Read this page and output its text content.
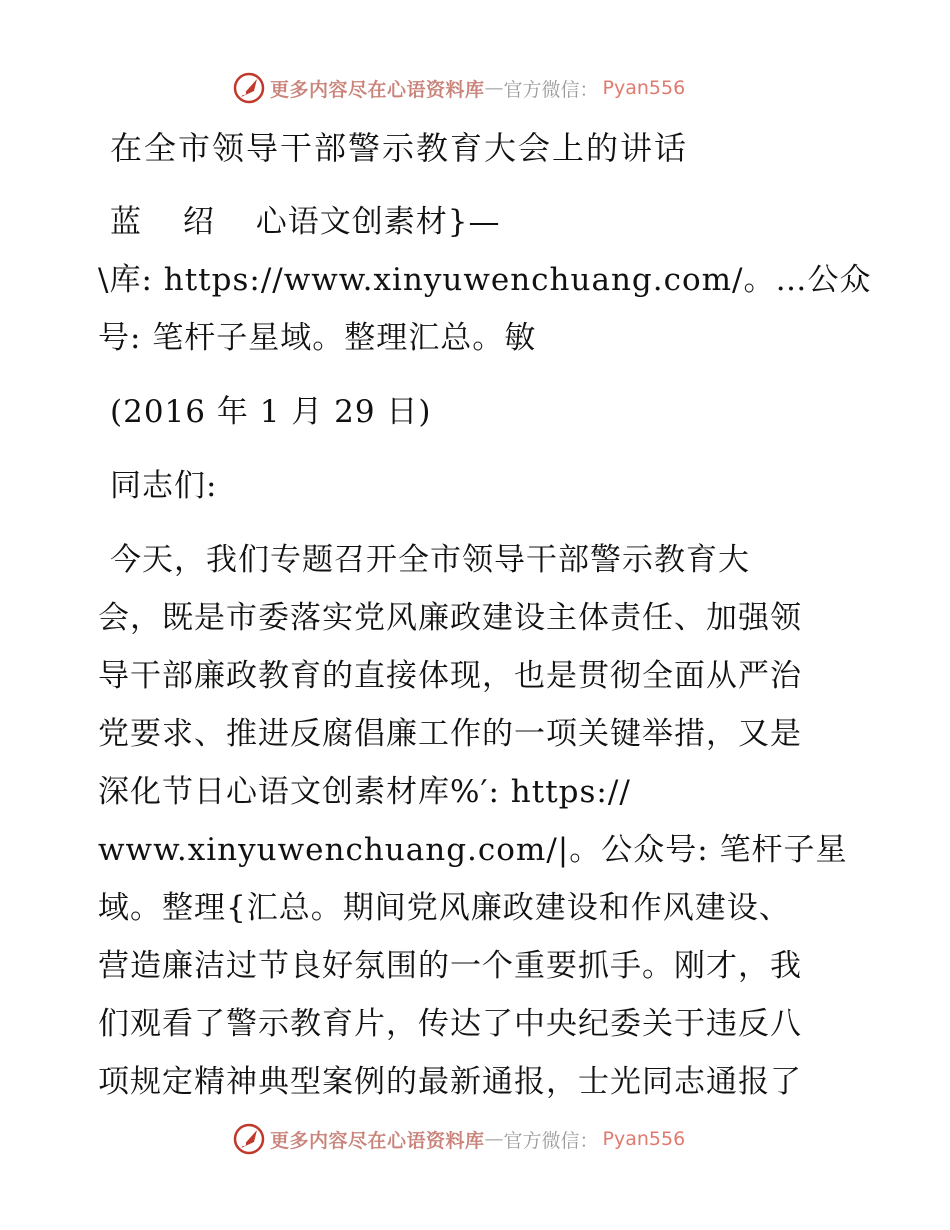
更多内容尽在心语资料库 — 官方微信： Pyan556
在全市领导干部警示教育大会上的讲话
蓝 绍 心语文创素材}—
\库: https://www.xinyuwenchuang.com/。…公众
号: 笔杆子星域。整理汇总。敏
(2016 年 1 月 29 日)
同志们:
今天，我们专题召开全市领导干部警示教育大
会，既是市委落实党风廉政建设主体责任、加强领
导干部廉政教育的直接体现，也是贯彻全面从严治
党要求、推进反腐倡廉工作的一项关键举措，又是
深化节日心语文创素材库%′: https://
www.xinyuwenchuang.com/|。公众号: 笔杆子星
域。整理{汇总。期间党风廉政建设和作风建设、
营造廉洁过节良好氛围的一个重要抓手。刚才，我
们观看了警示教育片，传达了中央纪委关于违反八
项规定精神典型案例的最新通报，士光同志通报了
更多内容尽在心语资料库 — 官方微信： Pyan556
